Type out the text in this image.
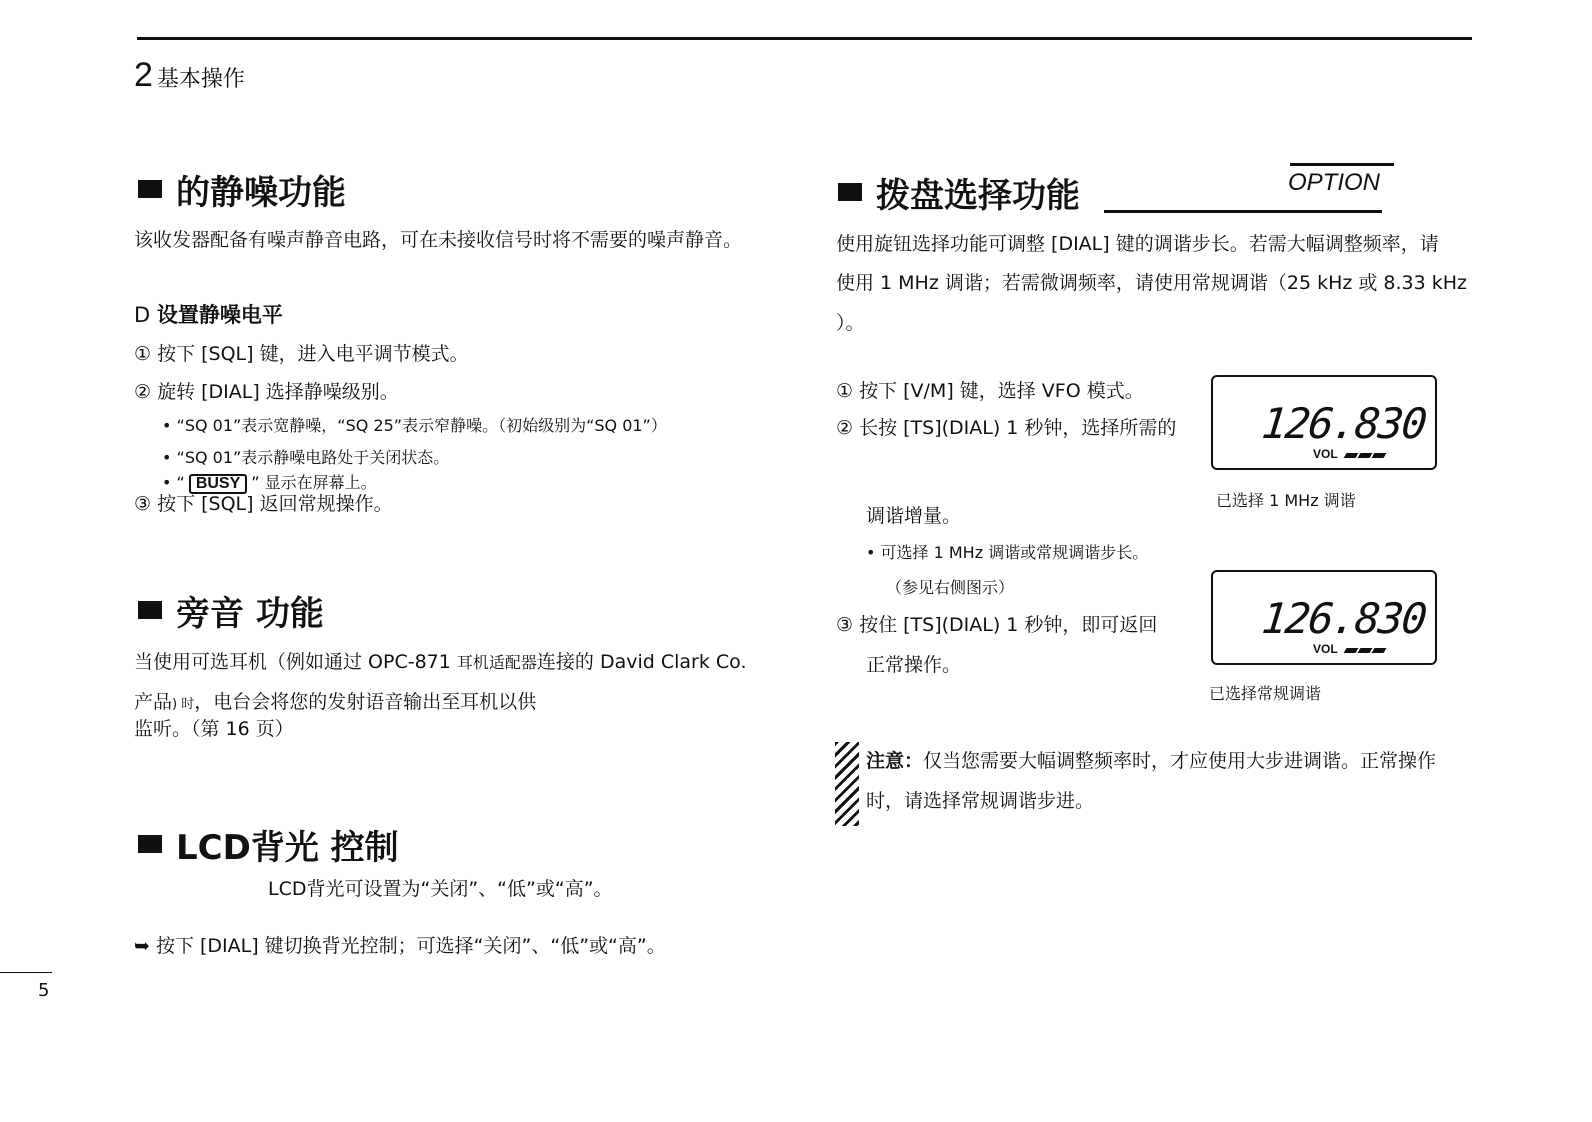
2 基本操作
的静噪功能
该收发器配备有噪声静音电路，可在未接收信号时将不需要的噪声静音。
D 设置静噪电平
① 按下 [SQL] 键，进入电平调节模式。
② 旋转 [DIAL] 选择静噪级别。
• “SQ 01”表示宽静噪，“SQ 25”表示窄静噪。（初始级别为“SQ 01”）
• “SQ 01”表示静噪电路处于关闭状态。
• “ BUSY ” 显示在屏幕上。
③ 按下 [SQL] 返回常规操作。
旁音 功能
当使用可选耳机（例如通过 OPC-871 耳机适配器连接的 David Clark Co.
产品) 时，电台会将您的发射语音输出至耳机以供
监听。（第 16 页）
LCD背光 控制
LCD背光可设置为“关闭”、“低”或“高”。
➥ 按下 [DIAL] 键切换背光控制；可选择“关闭”、“低”或“高”。
5
拨盘选择功能	OPTION
使用旋钮选择功能可调整 [DIAL] 键的调谐步长。若需大幅调整频率，请
使用 1 MHz 调谐；若需微调频率，请使用常规调谐（25 kHz 或 8.33 kHz
）。
① 按下 [V/M] 键，选择 VFO 模式。
② 长按 [TS](DIAL) 1 秒钟，选择所需的
调谐增量。
• 可选择 1 MHz 调谐或常规调谐步长。
（参见右侧图示）
③ 按住 [TS](DIAL) 1 秒钟，即可返回
正常操作。
126.830
VOL
已选择 1 MHz 调谐
126.830
VOL
已选择常规调谐
注意：仅当您需要大幅调整频率时，才应使用大步进调谐。正常操作
时，请选择常规调谐步进。
